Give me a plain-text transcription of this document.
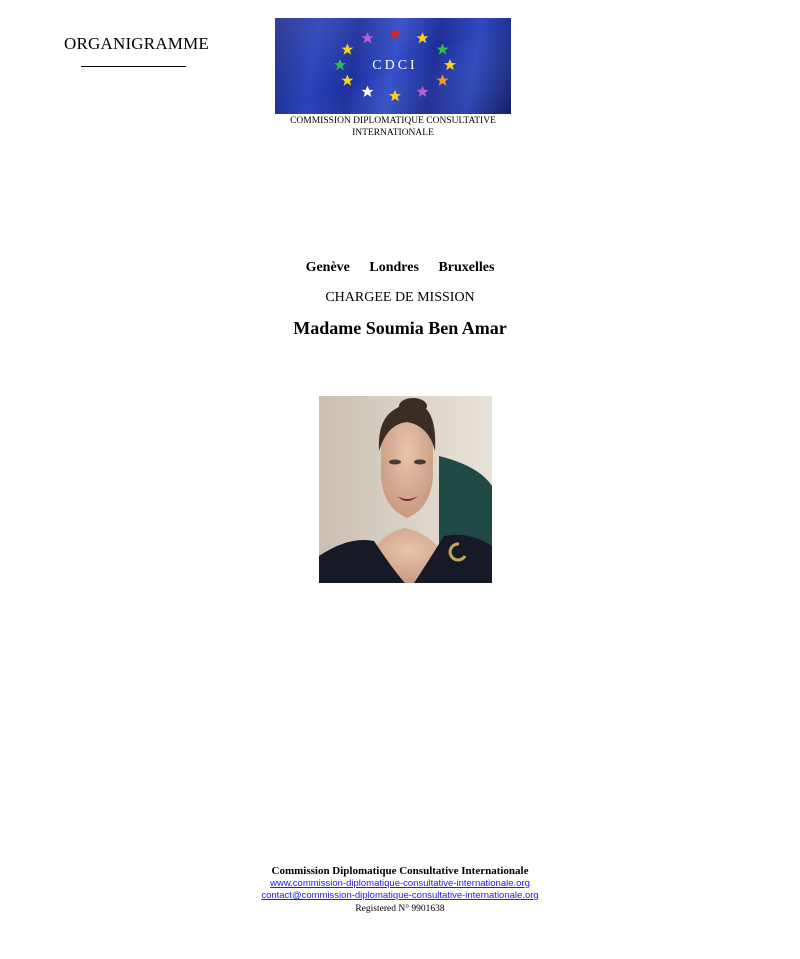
ORGANIGRAMME
CDCI
COMMISSION DIPLOMATIQUE CONSULTATIVE
INTERNATIONALE
Genève Londres Bruxelles
CHARGEE DE MISSION
Madame Soumia Ben Amar
Commission Diplomatique Consultative Internationale
www.commission-diplomatique-consultative-internationale.org
contact@commission-diplomatique-consultative-internationale.org
Registered N° 9901638
